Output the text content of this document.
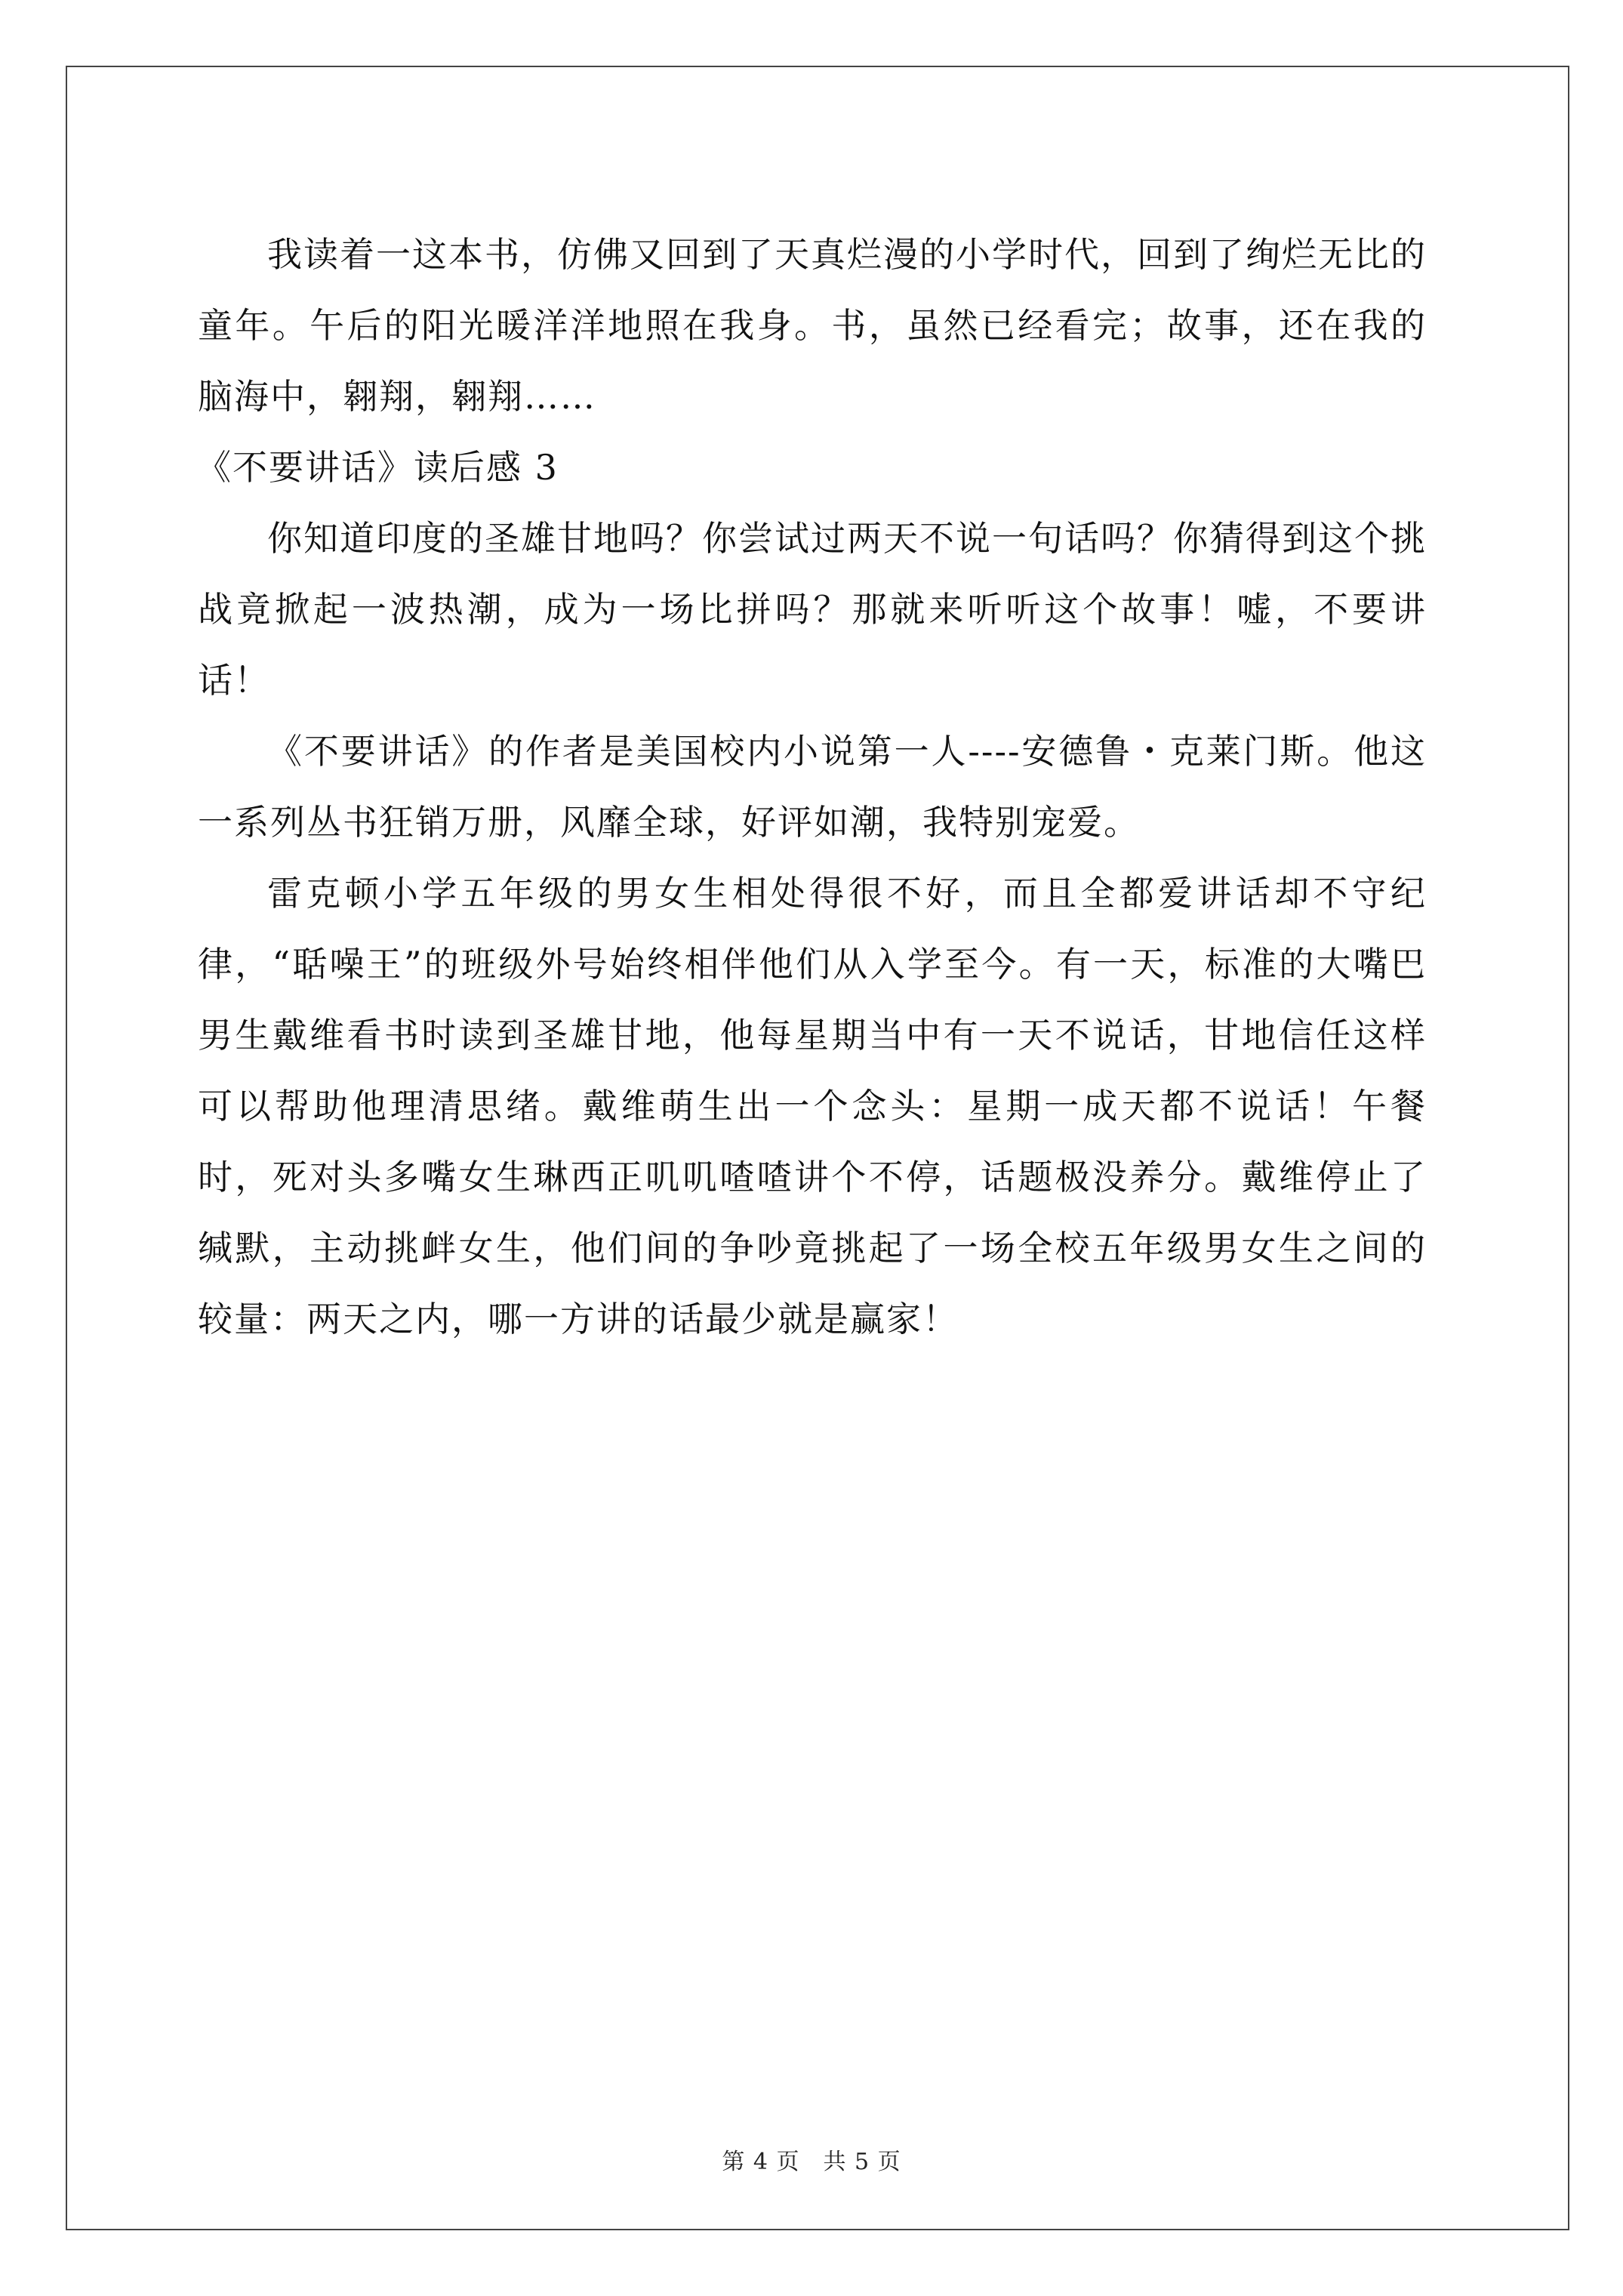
我读着一这本书，仿佛又回到了天真烂漫的小学时代，回到了绚烂无比的童年。午后的阳光暖洋洋地照在我身。书，虽然已经看完；故事，还在我的脑海中，翱翔，翱翔……

《不要讲话》读后感 3

你知道印度的圣雄甘地吗？你尝试过两天不说一句话吗？你猜得到这个挑战竟掀起一波热潮，成为一场比拼吗？那就来听听这个故事！嘘，不要讲话！

《不要讲话》的作者是美国校内小说第一人----安德鲁・克莱门斯。他这一系列丛书狂销万册，风靡全球，好评如潮，我特别宠爱。

雷克顿小学五年级的男女生相处得很不好，而且全都爱讲话却不守纪律，“聒噪王”的班级外号始终相伴他们从入学至今。有一天，标准的大嘴巴男生戴维看书时读到圣雄甘地，他每星期当中有一天不说话，甘地信任这样可以帮助他理清思绪。戴维萌生出一个念头：星期一成天都不说话！午餐时，死对头多嘴女生琳西正叽叽喳喳讲个不停，话题极没养分。戴维停止了缄默，主动挑衅女生，他们间的争吵竟挑起了一场全校五年级男女生之间的较量：两天之内，哪一方讲的话最少就是赢家！

第 4 页　共 5 页
